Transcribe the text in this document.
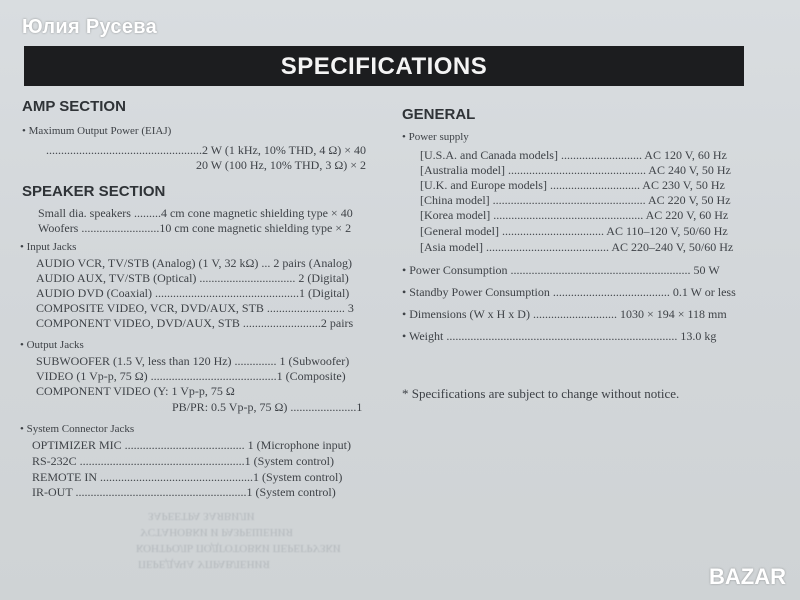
Юлия Русева
SPECIFICATIONS
AMP SECTION
• Maximum Output Power (EIAJ)
....................................................2 W (1 kHz, 10% THD, 4 Ω) × 40
20 W (100 Hz, 10% THD, 3 Ω) × 2
SPEAKER SECTION
Small dia. speakers .........4 cm cone magnetic shielding type × 40
Woofers ..........................10 cm cone magnetic shielding type × 2
• Input Jacks
AUDIO VCR, TV/STB (Analog) (1 V, 32 kΩ) ... 2 pairs (Analog)
AUDIO AUX, TV/STB (Optical) ................................ 2 (Digital)
AUDIO DVD (Coaxial) ................................................1 (Digital)
COMPOSITE VIDEO, VCR, DVD/AUX, STB .......................... 3
COMPONENT VIDEO, DVD/AUX, STB ..........................2 pairs
• Output Jacks
SUBWOOFER (1.5 V, less than 120 Hz) .............. 1 (Subwoofer)
VIDEO (1 Vp-p, 75 Ω) ..........................................1 (Composite)
COMPONENT VIDEO (Y: 1 Vp-p, 75 Ω
PB/PR: 0.5 Vp-p, 75 Ω) ......................1
• System Connector Jacks
OPTIMIZER MIC ........................................ 1 (Microphone input)
RS-232C .......................................................1 (System control)
REMOTE IN ...................................................1 (System control)
IR-OUT .........................................................1 (System control)
ЗАРЕЕТРА ЗАЯВИЛИ
УСТАНОВКИ И РАЗРЕШЕНИЯ
КОНТРОЛЬ ПОДГОТОВКИ ПЕРЕГРУЗКИ
ПЕРЕДАЧА УПРАВЛЕНИЯ
GENERAL
• Power supply
[U.S.A. and Canada models] ........................... AC 120 V, 60 Hz
[Australia model] .............................................. AC 240 V, 50 Hz
[U.K. and Europe models] .............................. AC 230 V, 50 Hz
[China model] ................................................... AC 220 V, 50 Hz
[Korea model] .................................................. AC 220 V, 60 Hz
[General model] .................................. AC 110–120 V, 50/60 Hz
[Asia model] ......................................... AC 220–240 V, 50/60 Hz
• Power Consumption ............................................................ 50 W
• Standby Power Consumption ....................................... 0.1 W or less
• Dimensions (W x H x D) ............................ 1030 × 194 × 118 mm
• Weight ............................................................................. 13.0 kg
* Specifications are subject to change without notice.
BAZAR
